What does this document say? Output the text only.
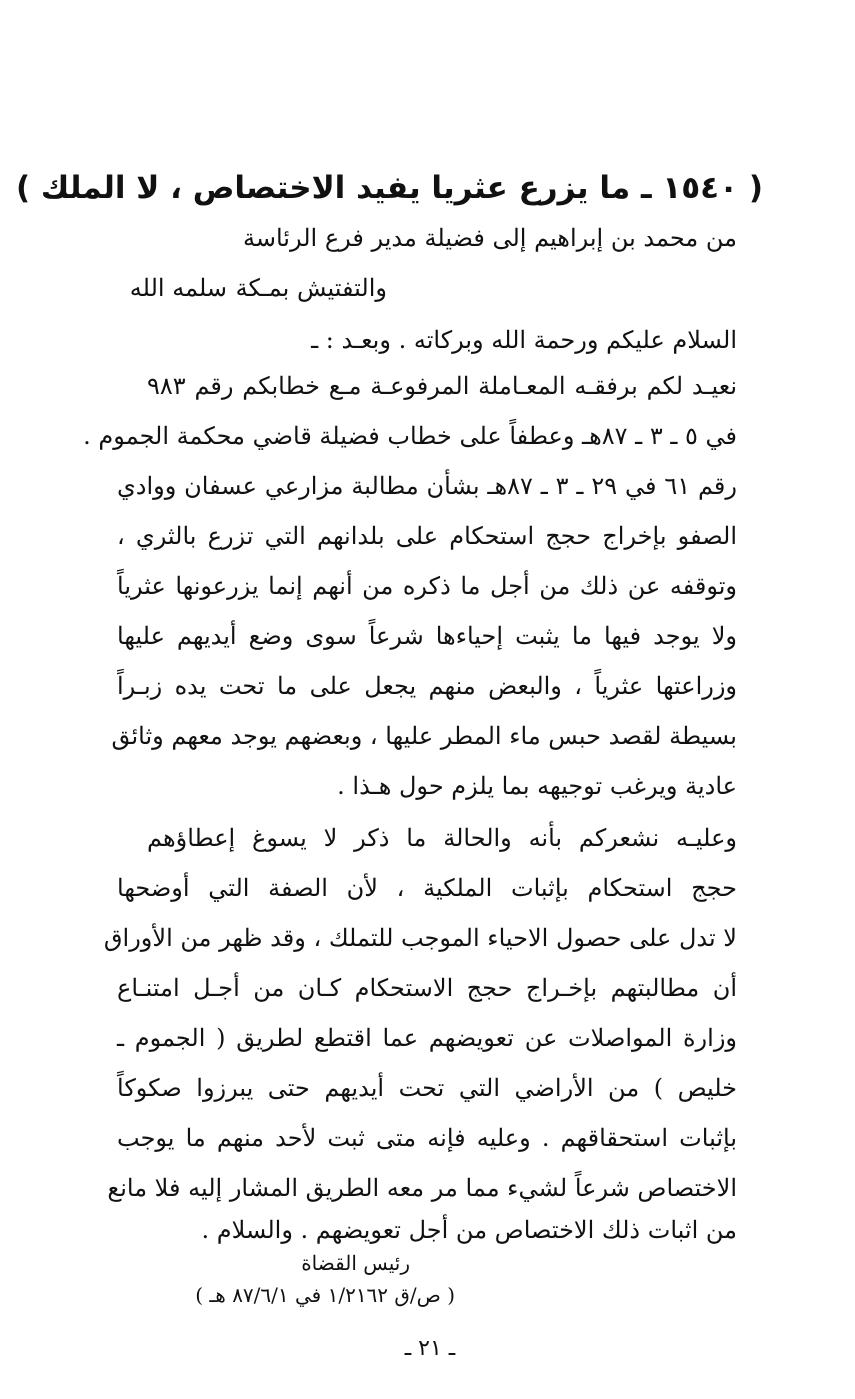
( ١٥٤٠ ـ ما يزرع عثريا يفيد الاختصاص ، لا الملك )
من محمد بن إبراهيم إلى فضيلة مدير فرع الرئاسة
والتفتيش بمـكة
سلمه الله
السلام عليكم ورحمة الله وبركاته . وبعـد : ـ
نعيـد لكم برفقـه المعـاملة المرفوعـة مـع خطابكم رقم ٩٨٣
في ٥ ـ ٣ ـ ٨٧هـ وعطفاً على خطاب فضيلة قاضي محكمة الجموم .
رقم ٦١ في ٢٩ ـ ٣ ـ ٨٧هـ بشأن مطالبة مزارعي عسفان ووادي
الصفو بإخراج حجج استحكام على بلدانهم التي تزرع بالثري ،
وتوقفه عن ذلك من أجل ما ذكره من أنهم إنما يزرعونها عثرياً
ولا يوجد فيها ما يثبت إحياءها شرعاً سوى وضع أيديهم عليها
وزراعتها عثرياً ، والبعض منهم يجعل على ما تحت يده زبـراً
بسيطة لقصد حبس ماء المطر عليها ، وبعضهم يوجد معهم وثائق
عادية ويرغب توجيهه بما يلزم حول هـذا .
وعليـه نشعركم بأنه والحالة ما ذكر لا يسوغ إعطاؤهم
حجج استحكام بإثبات الملكية ، لأن الصفة التي أوضحها
لا تدل على حصول الاحياء الموجب للتملك ، وقد ظهر من الأوراق
أن مطالبتهم بإخـراج حجج الاستحكام كـان من أجـل امتنـاع
وزارة المواصلات عن تعويضهم عما اقتطع لطريق ( الجموم ـ
خليص ) من الأراضي التي تحت أيديهم حتى يبرزوا صكوكاً
بإثبات استحقاقهم . وعليه فإنه متى ثبت لأحد منهم ما يوجب
الاختصاص شرعاً لشيء مما مر معه الطريق المشار إليه فلا مانع
من اثبات ذلك الاختصاص من أجل تعويضهم . والسلام .
رئيس القضاة
( ص/ق ١/٢١٦٢ في ٨٧/٦/١ هـ )
ـ ٢١ ـ
